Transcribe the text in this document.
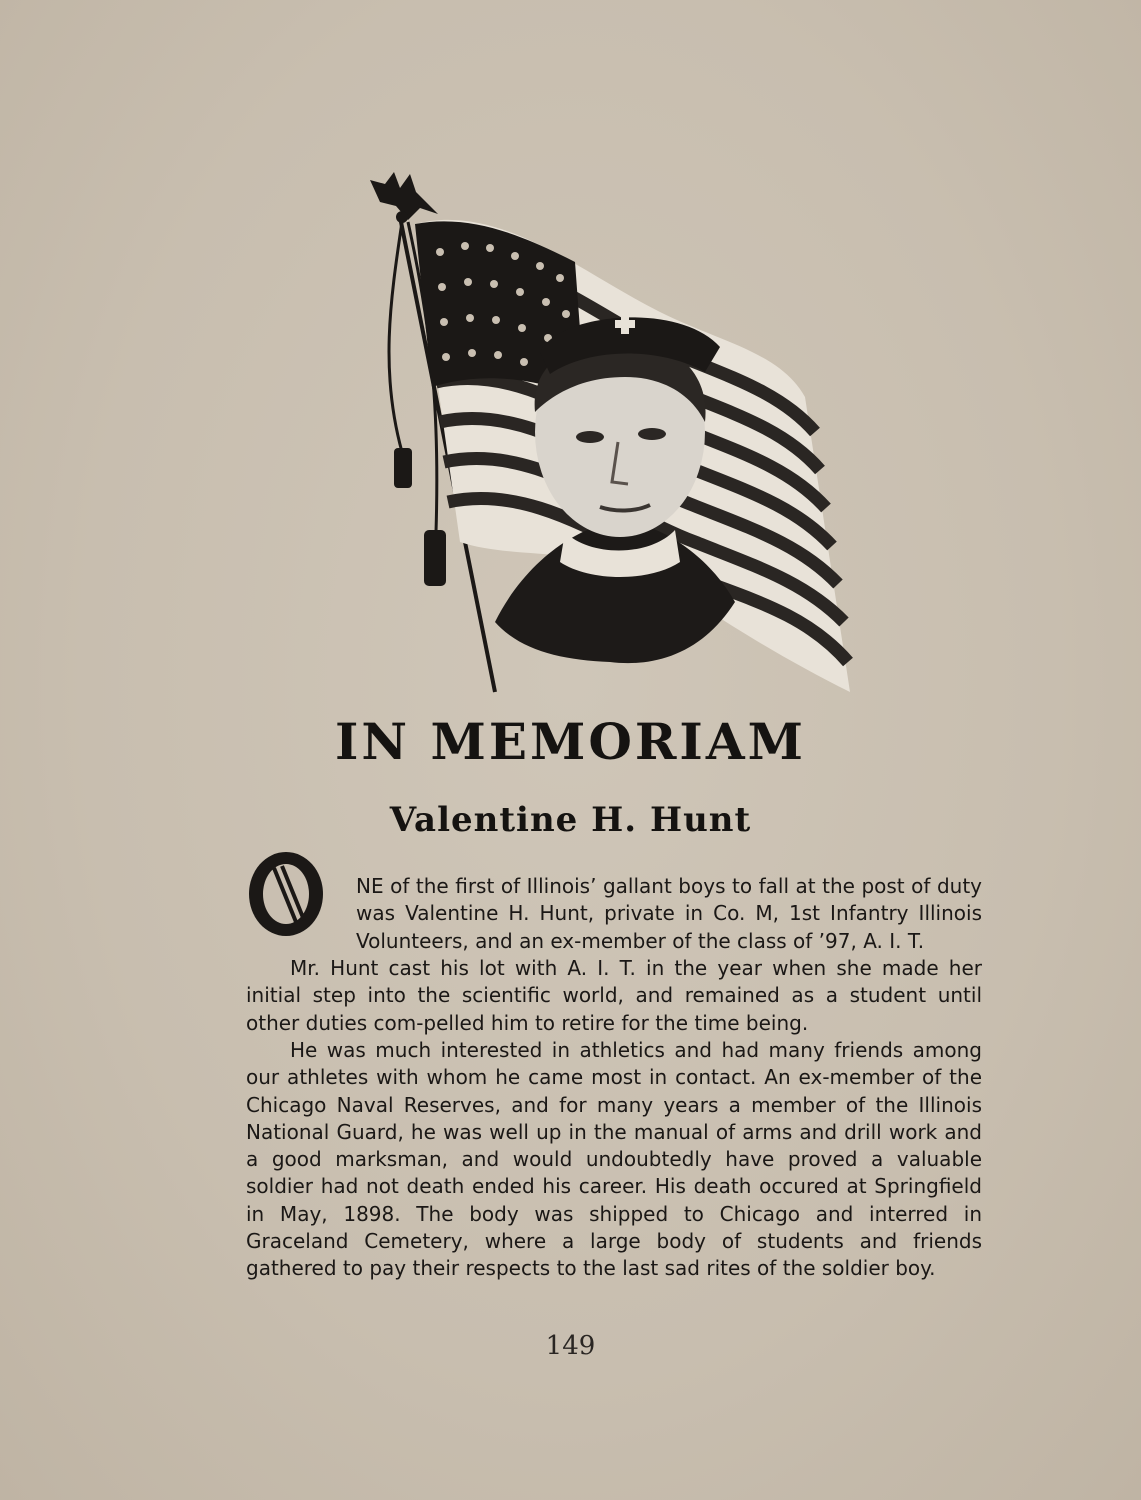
IN MEMORIAM
Valentine H. Hunt
O
NE of the first of Illinois’ gallant boys to fall at the post of duty was Valentine H. Hunt, private in Co. M, 1st Infantry Illinois Volunteers, and an ex-member of the class of ’97, A. I. T.
Mr. Hunt cast his lot with A. I. T. in the year when she made her initial step into the scientific world, and remained as a student until other duties com-pelled him to retire for the time being.
He was much interested in athletics and had many friends among our athletes with whom he came most in contact. An ex-member of the Chicago Naval Reserves, and for many years a member of the Illinois National Guard, he was well up in the manual of arms and drill work and a good marksman, and would undoubtedly have proved a valuable soldier had not death ended his career. His death occured at Springfield in May, 1898. The body was shipped to Chicago and interred in Graceland Cemetery, where a large body of students and friends gathered to pay their respects to the last sad rites of the soldier boy.
149
